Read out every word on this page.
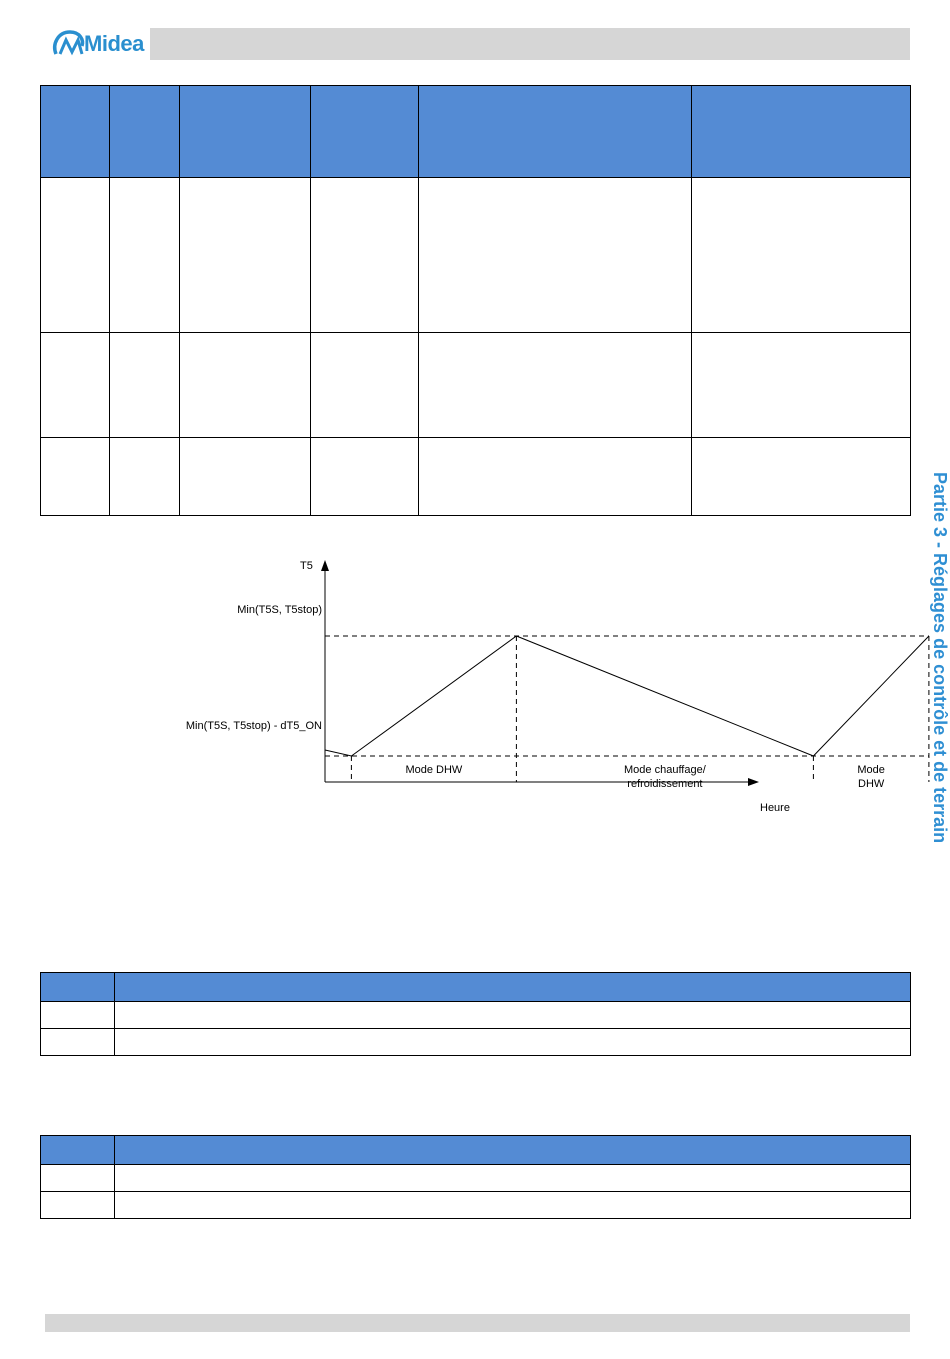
Midea
Partie 3 - Réglages de contrôle et de terrain

T5
Heure
Min(T5S, T5stop)
Min(T5S, T5stop) - dT5_ON
Mode DHW	Mode chauffage/ refroidissement
Mode DHW
